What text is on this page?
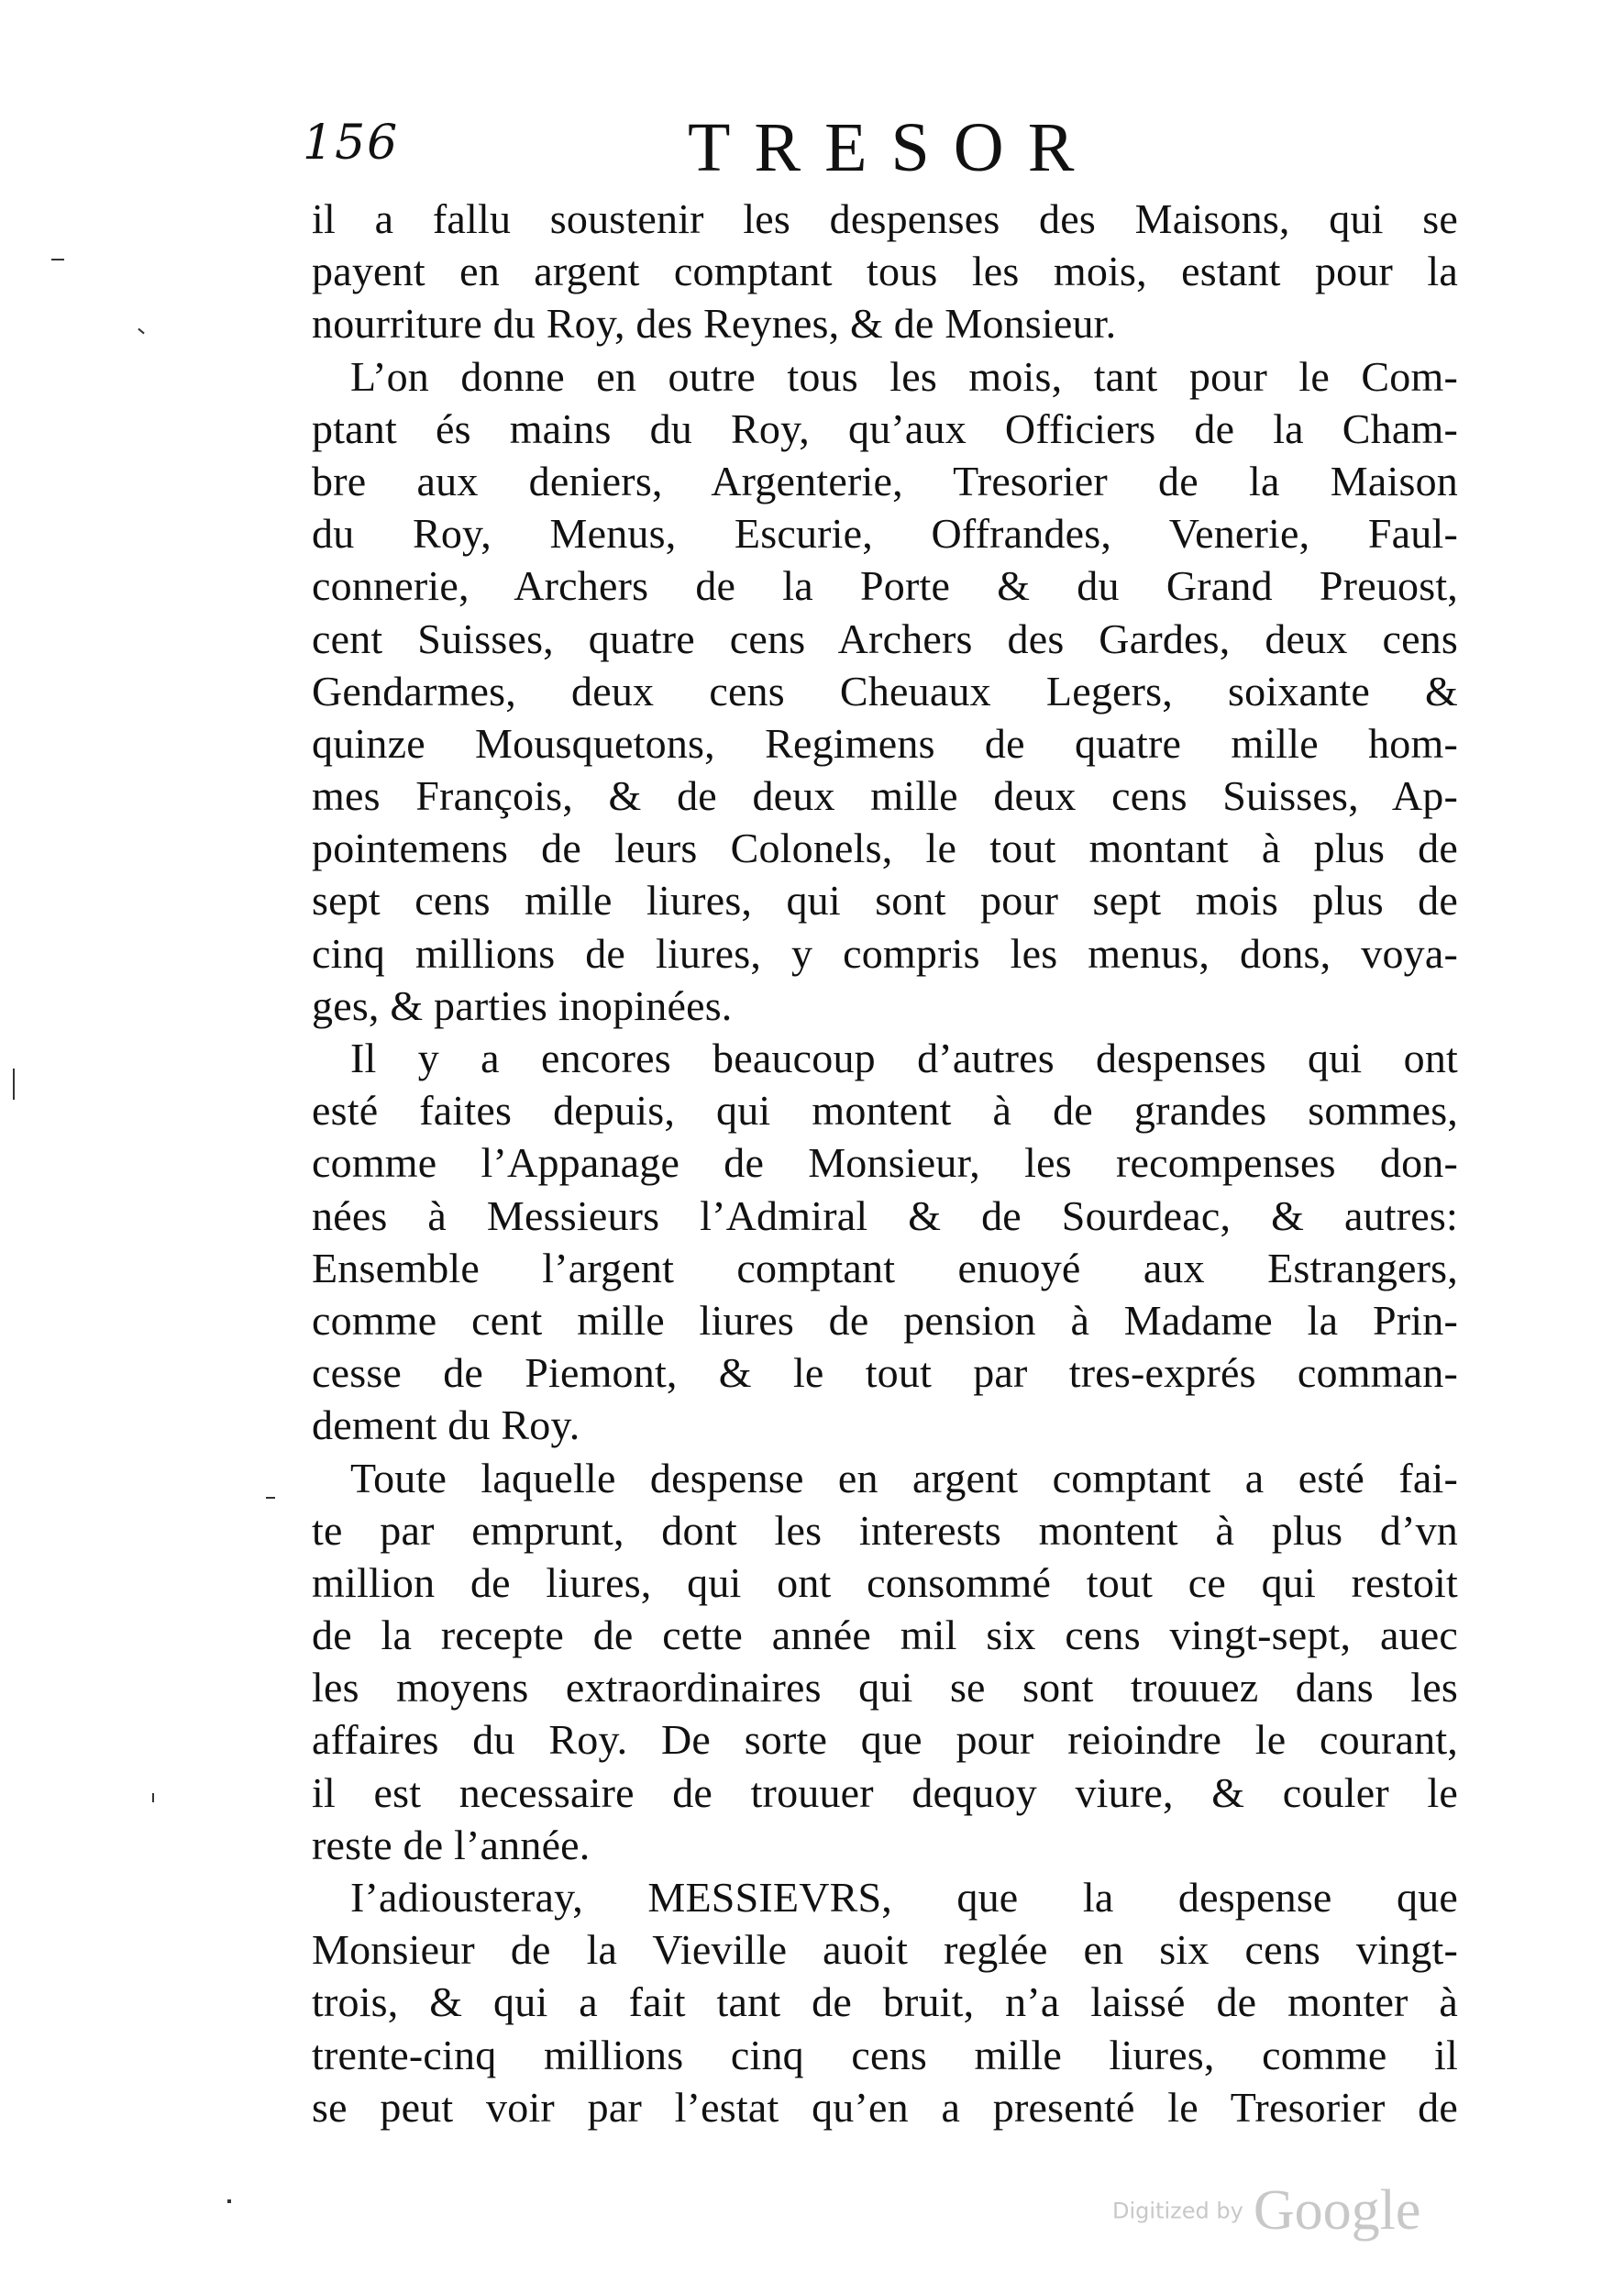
156	TRESOR
il a fallu soustenir les despenses des Maisons, qui se
payent en argent comptant tous les mois, estant pour la
nourriture du Roy, des Reynes, & de Monsieur.
L’on donne en outre tous les mois, tant pour le Com-
ptant és mains du Roy, qu’aux Officiers de la Cham-
bre aux deniers, Argenterie, Tresorier de la Maison
du Roy, Menus, Escurie, Offrandes, Venerie, Faul-
connerie, Archers de la Porte & du Grand Preuost,
cent Suisses, quatre cens Archers des Gardes, deux cens
Gendarmes, deux cens Cheuaux Legers, soixante &
quinze Mousquetons, Regimens de quatre mille hom-
mes François, & de deux mille deux cens Suisses, Ap-
pointemens de leurs Colonels, le tout montant à plus de
sept cens mille liures, qui sont pour sept mois plus de
cinq millions de liures, y compris les menus, dons, voya-
ges, & parties inopinées.
Il y a encores beaucoup d’autres despenses qui ont
esté faites depuis, qui montent à de grandes sommes,
comme l’Appanage de Monsieur, les recompenses don-
nées à Messieurs l’Admiral & de Sourdeac, & autres:
Ensemble l’argent comptant enuoyé aux Estrangers,
comme cent mille liures de pension à Madame la Prin-
cesse de Piemont, & le tout par tres-exprés comman-
dement du Roy.
Toute laquelle despense en argent comptant a esté fai-
te par emprunt, dont les interests montent à plus d’vn
million de liures, qui ont consommé tout ce qui restoit
de la recepte de cette année mil six cens vingt-sept, auec
les moyens extraordinaires qui se sont trouuez dans les
affaires du Roy. De sorte que pour reioindre le courant,
il est necessaire de trouuer dequoy viure, & couler le
reste de l’année.
I’adiousteray, MESSIEVRS, que la despense que
Monsieur de la Vieville auoit reglée en six cens vingt-
trois, & qui a fait tant de bruit, n’a laissé de monter à
trente-cinq millions cinq cens mille liures, comme il
se peut voir par l’estat qu’en a presenté le Tresorier de
Digitized by Google
